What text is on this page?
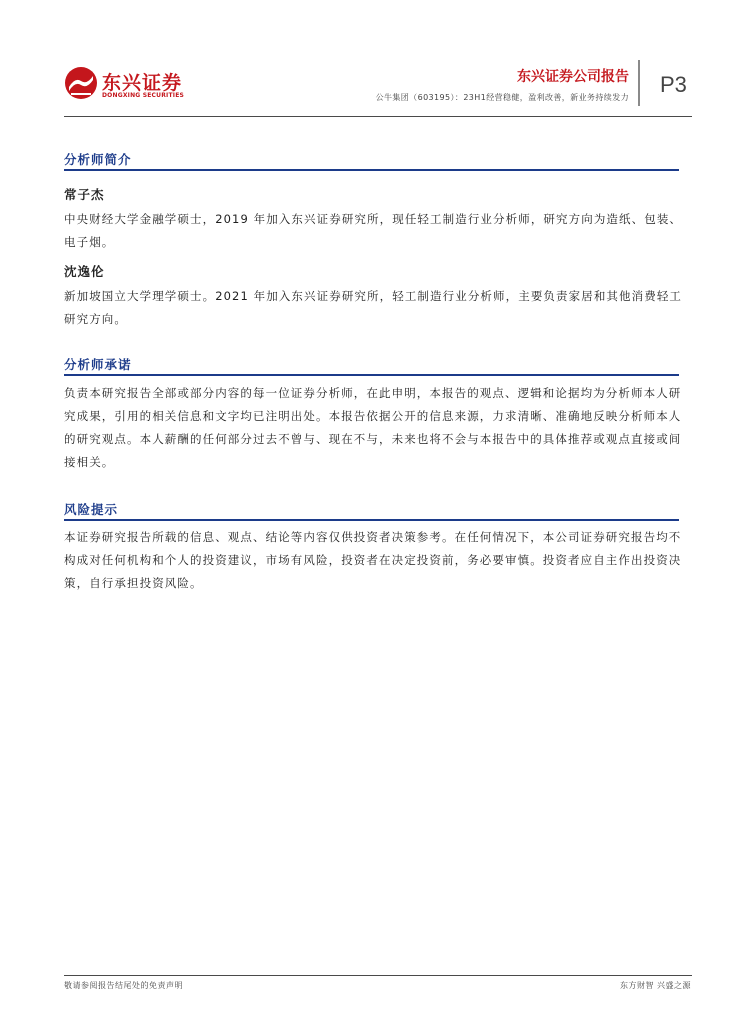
东兴证券
DONGXING SECURITIES
东兴证券公司报告
公牛集团（603195）：23H1经营稳健，盈利改善，新业务持续发力
P3
分析师简介
常子杰

中央财经大学金融学硕士，2019 年加入东兴证券研究所，现任轻工制造行业分析师，研究方向为造纸、包装、电子烟。

沈逸伦

新加坡国立大学理学硕士。2021 年加入东兴证券研究所，轻工制造行业分析师，主要负责家居和其他消费轻工研究方向。

分析师承诺

负责本研究报告全部或部分内容的每一位证券分析师，在此申明，本报告的观点、逻辑和论据均为分析师本人研究成果，引用的相关信息和文字均已注明出处。本报告依据公开的信息来源，力求清晰、准确地反映分析师本人的研究观点。本人薪酬的任何部分过去不曾与、现在不与，未来也将不会与本报告中的具体推荐或观点直接或间接相关。

风险提示

本证券研究报告所载的信息、观点、结论等内容仅供投资者决策参考。在任何情况下，本公司证券研究报告均不构成对任何机构和个人的投资建议，市场有风险，投资者在决定投资前，务必要审慎。投资者应自主作出投资决策，自行承担投资风险。

敬请参阅报告结尾处的免责声明	东方财智 兴盛之源
